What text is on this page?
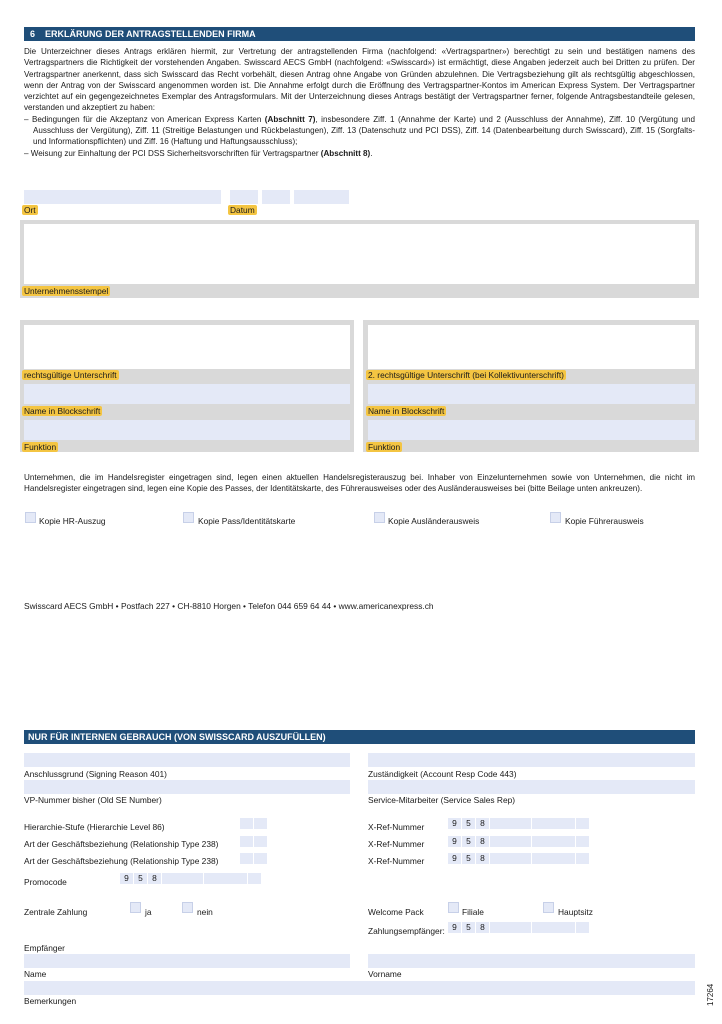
6 ERKLÄRUNG DER ANTRAGSTELLENDEN FIRMA
Die Unterzeichner dieses Antrags erklären hiermit, zur Vertretung der antragstellenden Firma (nachfolgend: «Vertragspartner») berechtigt zu sein und bestätigen namens des Vertragspartners die Richtigkeit der vorstehenden Angaben. Swisscard AECS GmbH (nachfolgend: «Swisscard») ist ermächtigt, diese Angaben jederzeit auch bei Dritten zu prüfen. Der Vertragspartner anerkennt, dass sich Swisscard das Recht vorbehält, diesen Antrag ohne Angabe von Gründen abzulehnen. Die Vertragsbeziehung gilt als rechtsgültig abgeschlossen, wenn der Antrag von der Swisscard angenommen worden ist. Die Annahme erfolgt durch die Eröffnung des Vertragspartner-Kontos im American Express System. Der Vertragspartner verzichtet auf ein gegengezeichnetes Exemplar des Antragsformulars. Mit der Unterzeichnung dieses Antrags bestätigt der Vertragspartner ferner, folgende Antragsbestandteile gelesen, verstanden und akzeptiert zu haben:
– Bedingungen für die Akzeptanz von American Express Karten (Abschnitt 7), insbesondere Ziff. 1 (Annahme der Karte) und 2 (Ausschluss der Annahme), Ziff. 10 (Vergütung und Ausschluss der Vergütung), Ziff. 11 (Streitige Belastungen und Rückbelastungen), Ziff. 13 (Datenschutz und PCI DSS), Ziff. 14 (Datenbearbeitung durch Swisscard), Ziff. 15 (Sorgfalts- und Informationspflichten) und Ziff. 16 (Haftung und Haftungsausschluss);
– Weisung zur Einhaltung der PCI DSS Sicherheitsvorschriften für Vertragspartner (Abschnitt 8).
Ort	Datum
Unternehmensstempel
rechtsgültige Unterschrift
Name in Blockschrift
Funktion
2. rechtsgültige Unterschrift (bei Kollektivunterschrift)
Name in Blockschrift
Funktion
Unternehmen, die im Handelsregister eingetragen sind, legen einen aktuellen Handelsregisterauszug bei. Inhaber von Einzelunternehmen sowie von Unternehmen, die nicht im Handelsregister eingetragen sind, legen eine Kopie des Passes, der Identitätskarte, des Führerausweises oder des Ausländerausweises bei (bitte Beilage unten ankreuzen).
Kopie HR-Auszug	Kopie Pass/Identitätskarte	Kopie Ausländerausweis	Kopie Führerausweis
Swisscard AECS GmbH • Postfach 227 • CH-8810 Horgen • Telefon 044 659 64 44 • www.americanexpress.ch
NUR FÜR INTERNEN GEBRAUCH (VON SWISSCARD AUSZUFÜLLEN)
Anschlussgrund (Signing Reason 401)	Zuständigkeit (Account Resp Code 443)
VP-Nummer bisher (Old SE Number)	Service-Mitarbeiter (Service Sales Rep)
Hierarchie-Stufe (Hierarchie Level 86)
Art der Geschäftsbeziehung (Relationship Type 238)
Art der Geschäftsbeziehung (Relationship Type 238)
Promocode	9	5	8
X-Ref-Nummer	9	5	8
X-Ref-Nummer	9	5	8
X-Ref-Nummer	9	5	8
Zentrale Zahlung	ja	nein	Welcome Pack	Filiale	Hauptsitz
Zahlungsempfänger: 9	5	8
Empfänger
Name	Vorname
Bemerkungen	17264
